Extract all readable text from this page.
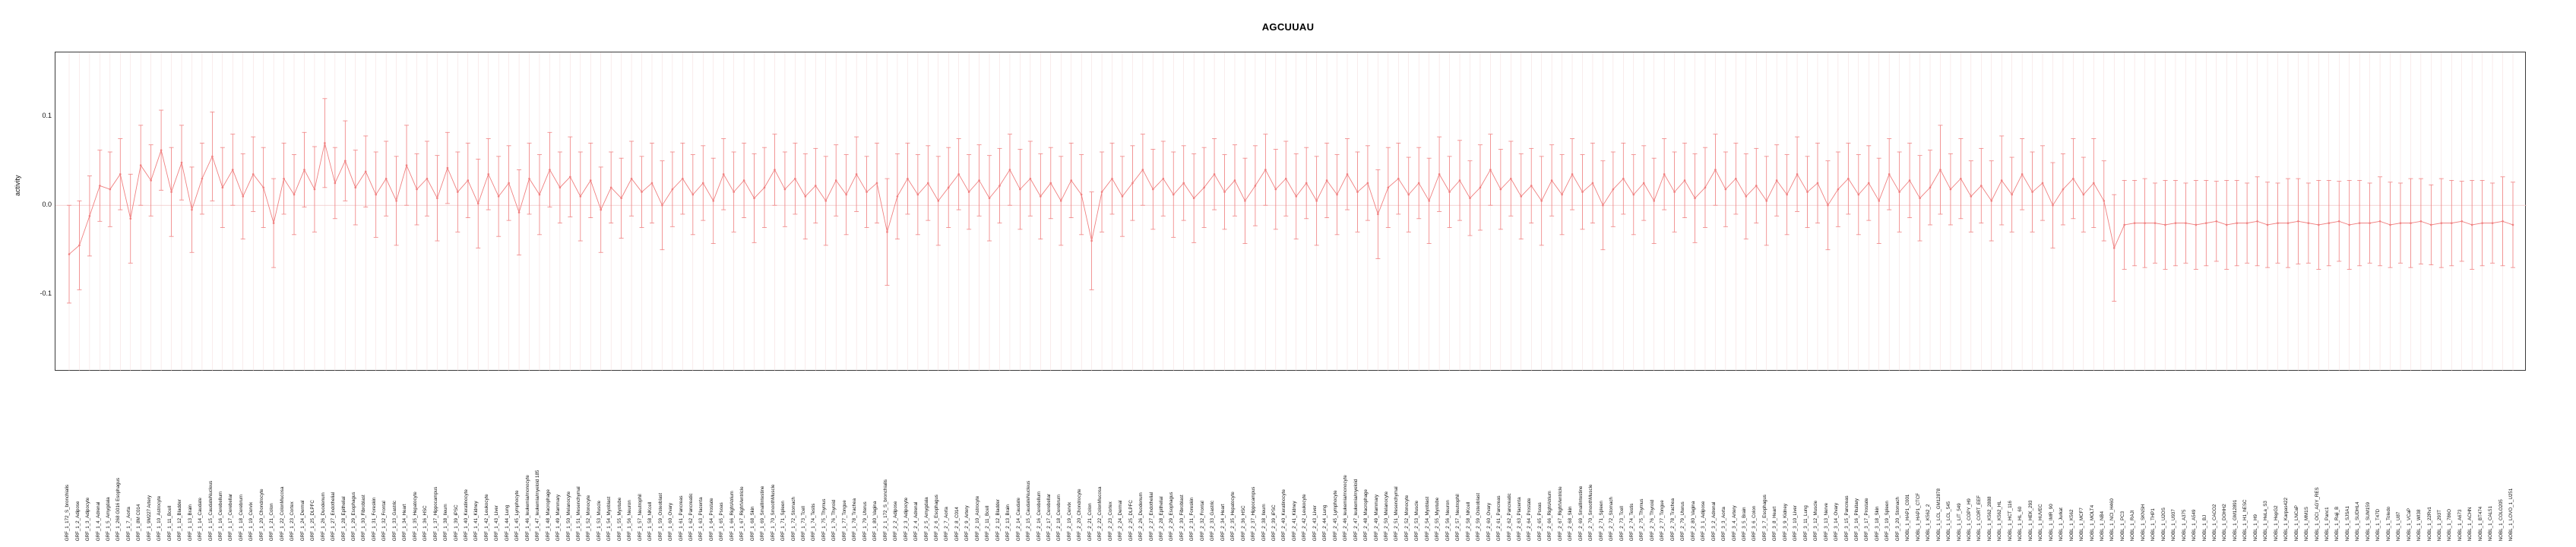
AGCUUAU
activity
-0.1
0.0
0.1
GRF_1_172_S_bronchialis GRF_1_2_Adipose GRF_1_3_Adipocyte GRF_1_4_Adrenal GRF_1_5_Amygdala GRF_1_268 G016 Esophagus GRF_1_7_Aorta GRF_1_8M C014 GRF_1_9M227 Artery GRF_1_10_Astrocyte GRF_1_11_Bcell GRF_1_12_Bladder GRF_1_13_Brain GRF_1_14_Caudate GRF_1_15_CaudateNucleus GRF_1_16_Cerebellum GRF_1_17_Cerebellar GRF_1_18_Cerebrum GRF_1_19_Cervix GRF_1_20_Chondrocyte GRF_1_21_Colon GRF_1_22_ColonMucosa GRF_1_23_Cortex GRF_1_24_Dermal GRF_1_25_DLPFC GRF_1_26_Duodenum GRF_1_27_Endothelial GRF_1_28_Epithelial GRF_1_29_Esophagus GRF_1_30_Fibroblast GRF_1_31_Foreskin GRF_1_32_Frontal GRF_1_33_Gastric GRF_1_34_Heart GRF_1_35_Hepatocyte GRF_1_36_HSC GRF_1_37_Hippocampus GRF_1_38_Ileum GRF_1_39_iPSC GRF_1_40_Keratinocyte GRF_1_41_Kidney GRF_1_42_Leukocyte GRF_1_43_Liver GRF_1_44_Lung GRF_1_45_Lymphocyte GRF_1_46_leukemia/monocyte GRF_1_47_leukemia/myeloid 185 GRF_1_48_Macrophage GRF_1_49_Mammary GRF_1_50_Melanocyte GRF_1_51_Mesenchymal GRF_1_52_Monocyte GRF_1_53_Muscle GRF_1_54_Myoblast GRF_1_55_Myotube GRF_1_56_Neuron GRF_1_57_Neutrophil GRF_1_58_NKcell GRF_1_59_Osteoblast GRF_1_60_Ovary GRF_1_61_Pancreas GRF_1_62_Pancreatic GRF_1_63_Placenta GRF_1_64_Prostate GRF_1_65_Psoas GRF_1_66_RightAtrium GRF_1_67_RightVentricle GRF_1_68_Skin GRF_1_69_SmallIntestine GRF_1_70_SmoothMuscle GRF_1_71_Spleen GRF_1_72_Stomach GRF_1_73_Tcell GRF_1_74_Testis GRF_1_75_Thymus GRF_1_76_Thyroid GRF_1_77_Tongue GRF_1_78_Trachea GRF_1_79_Uterus GRF_1_80_Vagina GRF_2_1_172_S_bronchialis GRF_2_2_Adipose GRF_2_3_Adipocyte GRF_2_4_Adrenal GRF_2_5_Amygdala GRF_2_6_Esophagus GRF_2_7_Aorta GRF_2_8_C014 GRF_2_9_Artery GRF_2_10_Astrocyte GRF_2_11_Bcell GRF_2_12_Bladder GRF_2_13_Brain GRF_2_14_Caudate GRF_2_15_CaudateNucleus GRF_2_16_Cerebellum GRF_2_17_Cerebellar GRF_2_18_Cerebrum GRF_2_19_Cervix GRF_2_20_Chondrocyte GRF_2_21_Colon GRF_2_22_ColonMucosa GRF_2_23_Cortex GRF_2_24_Dermal GRF_2_25_DLPFC GRF_2_26_Duodenum GRF_2_27_Endothelial GRF_2_28_Epithelial GRF_2_29_Esophagus GRF_2_30_Fibroblast GRF_2_31_Foreskin GRF_2_32_Frontal GRF_2_33_Gastric GRF_2_34_Heart GRF_2_35_Hepatocyte GRF_2_36_HSC GRF_2_37_Hippocampus GRF_2_38_Ileum GRF_2_39_iPSC GRF_2_40_Keratinocyte GRF_2_41_Kidney GRF_2_42_Leukocyte GRF_2_43_Liver GRF_2_44_Lung GRF_2_45_Lymphocyte GRF_2_46_leukemia/monocyte GRF_2_47_leukemia/myeloid GRF_2_48_Macrophage GRF_2_49_Mammary GRF_2_50_Melanocyte GRF_2_51_Mesenchymal GRF_2_52_Monocyte GRF_2_53_Muscle GRF_2_54_Myoblast GRF_2_55_Myotube GRF_2_56_Neuron GRF_2_57_Neutrophil GRF_2_58_NKcell GRF_2_59_Osteoblast GRF_2_60_Ovary GRF_2_61_Pancreas GRF_2_62_Pancreatic GRF_2_63_Placenta GRF_2_64_Prostate GRF_2_65_Psoas GRF_2_66_RightAtrium GRF_2_67_RightVentricle GRF_2_68_Skin GRF_2_69_SmallIntestine GRF_2_70_SmoothMuscle GRF_2_71_Spleen GRF_2_72_Stomach GRF_2_73_Tcell GRF_2_74_Testis GRF_2_75_Thymus GRF_2_76_Thyroid GRF_2_77_Tongue GRF_2_78_Trachea GRF_2_79_Uterus GRF_2_80_Vagina GRF_3_1_Adipose GRF_3_2_Adrenal GRF_3_3_Aorta GRF_3_4_Artery GRF_3_5_Brain GRF_3_6_Colon GRF_3_7_Esophagus GRF_3_8_Heart GRF_3_9_Kidney GRF_3_10_Liver GRF_3_11_Lung GRF_3_12_Muscle GRF_3_13_Nerve GRF_3_14_Ovary GRF_3_15_Pancreas GRF_3_16_Pituitary GRF_3_17_Prostate GRF_3_18_Skin GRF_3_19_Spleen GRF_3_20_Stomach NOBL_1_HAP1_C001 NOBL_1_HAP1_CTCF NOBL_1_K562_2 NOBL_1_LCL_GM12878 NOBL_1_LCL_545 NOBL_1_LIT_549 NOBL_1_COPY_H9 NOBL_1_CORT_EEF NOBL_1_K562_2888 NOBL_1_K562_HL NOBL_1_HCT_116 NOBL_1_HL_60 NOBL_1_HEK_293 NOBL_1_HUVEC NOBL_1_IMR_90 NOBL_1_Jurkat NOBL_1_K562 NOBL_1_MCF7 NOBL_1_MOLT4 NOBL_1_NB4 NOBL_1_NCI_H460 NOBL_1_PC3 NOBL_1_RAJI NOBL_1_SKNSH NOBL_1_THP1 NOBL_1_U2OS NOBL_1_U937 NOBL_1_A375 NOBL_1_A549 NOBL_1_BJ NOBL_1_CACO2 NOBL_1_DOHH2 NOBL_1_GM12891 NOBL_1_H1_hESC NOBL_1_H9 NOBL_1_HeLa_S3 NOBL_1_HepG2 NOBL_1_Karpas422 NOBL_1_LNCaP NOBL_1_MM1S NOBL_1_OCI_AGY_RES NOBL_1_Panc1 NOBL_1_Raji_B NOBL_1_SJSA1 NOBL_1_SUDHL4 NOBL_1_SUM159 NOBL_1_T47D NOBL_1_Toledo NOBL_1_U87 NOBL_1_VCaP NOBL_1_WI38 NOBL_1_22Rv1 NOBL_1_293T NOBL_1_786O NOBL_1_A673 NOBL_1_ACHN NOBL_1_BT474 NOBL_1_CAL51 NOBL_1_COLO205 NOBL_1_LOVO_1_U251
